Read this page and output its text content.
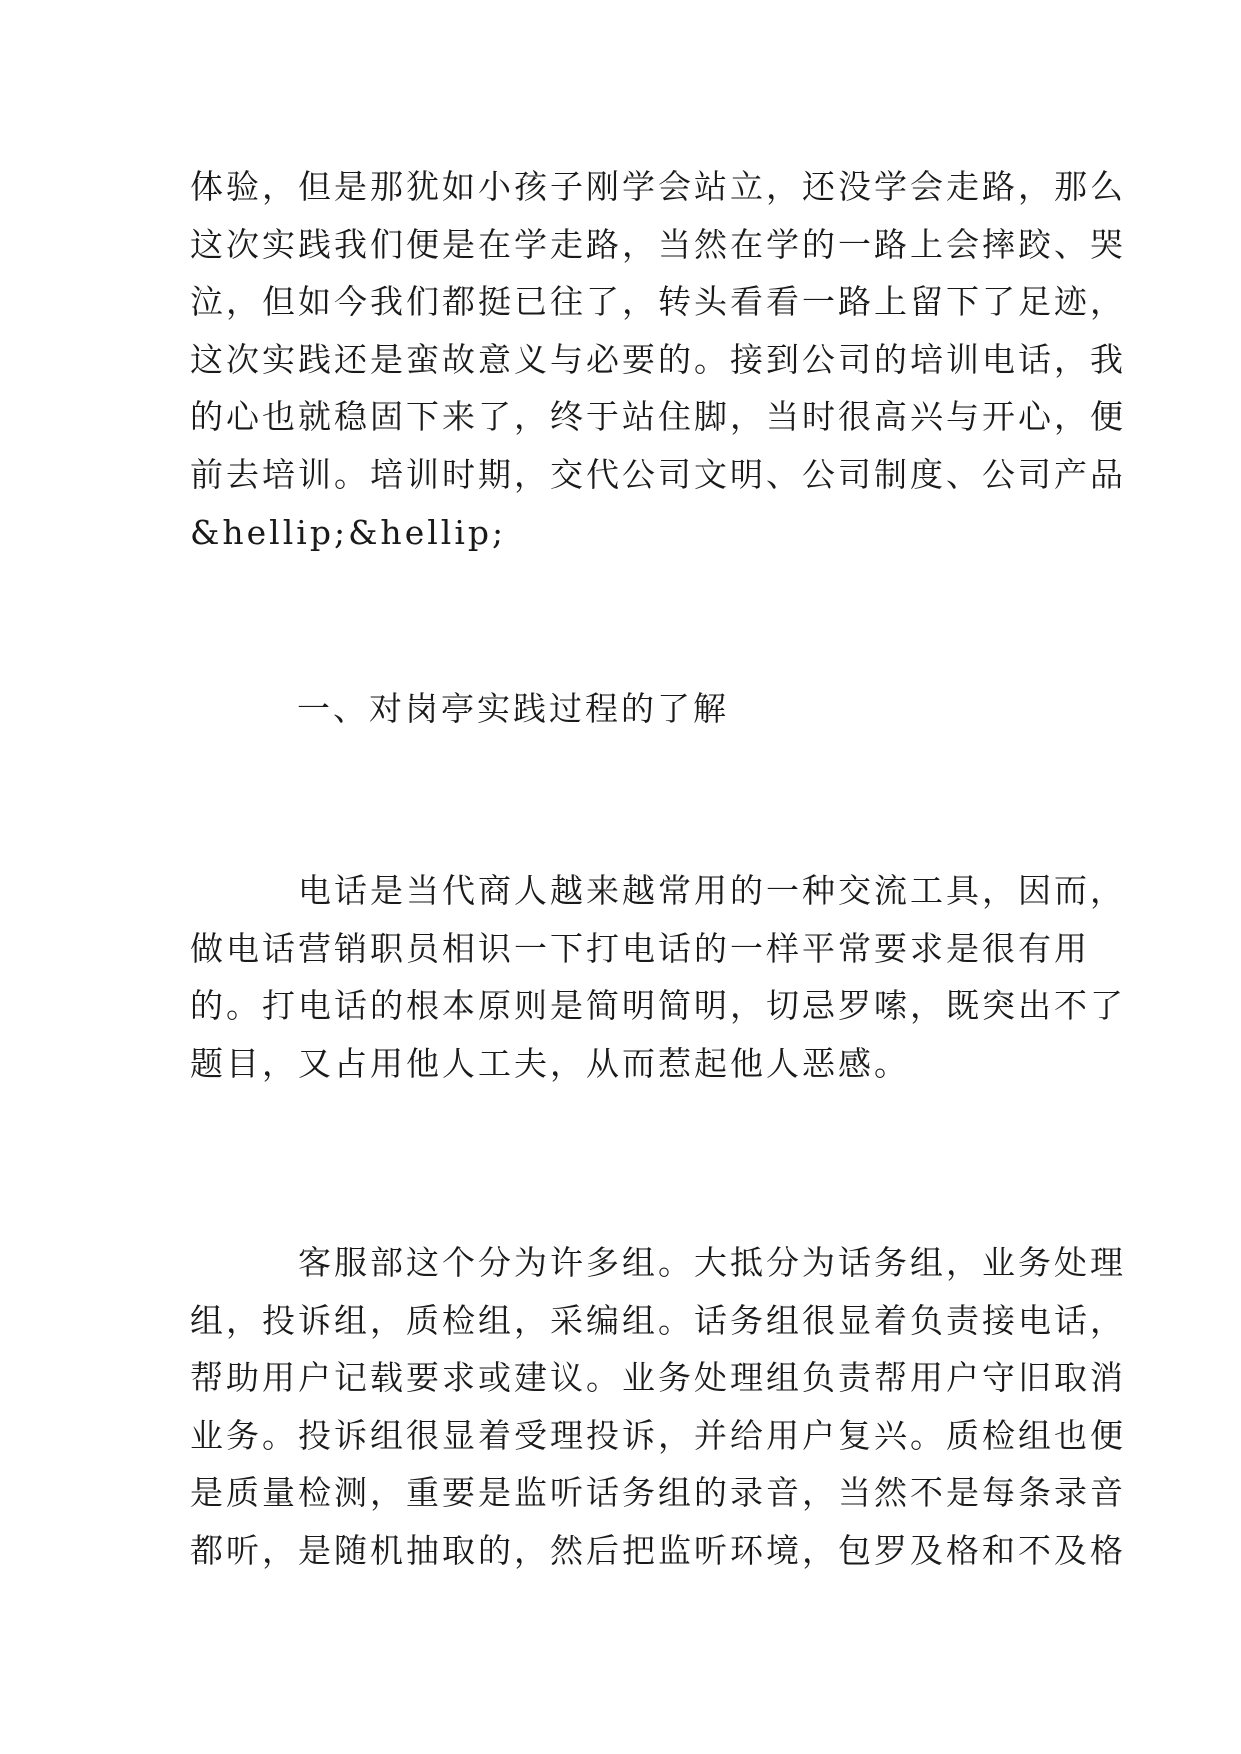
体验，但是那犹如小孩子刚学会站立，还没学会走路，那么
这次实践我们便是在学走路，当然在学的一路上会摔跤、哭
泣，但如今我们都挺已往了，转头看看一路上留下了足迹，
这次实践还是蛮故意义与必要的。接到公司的培训电话，我
的心也就稳固下来了，终于站住脚，当时很高兴与开心，便
前去培训。培训时期，交代公司文明、公司制度、公司产品
&hellip;&hellip;
一、对岗亭实践过程的了解
电话是当代商人越来越常用的一种交流工具，因而，
做电话营销职员相识一下打电话的一样平常要求是很有用
的。打电话的根本原则是简明简明，切忌罗嗦，既突出不了
题目，又占用他人工夫，从而惹起他人恶感。
客服部这个分为许多组。大抵分为话务组，业务处理
组，投诉组，质检组，采编组。话务组很显着负责接电话，
帮助用户记载要求或建议。业务处理组负责帮用户守旧取消
业务。投诉组很显着受理投诉，并给用户复兴。质检组也便
是质量检测，重要是监听话务组的录音，当然不是每条录音
都听，是随机抽取的，然后把监听环境，包罗及格和不及格
